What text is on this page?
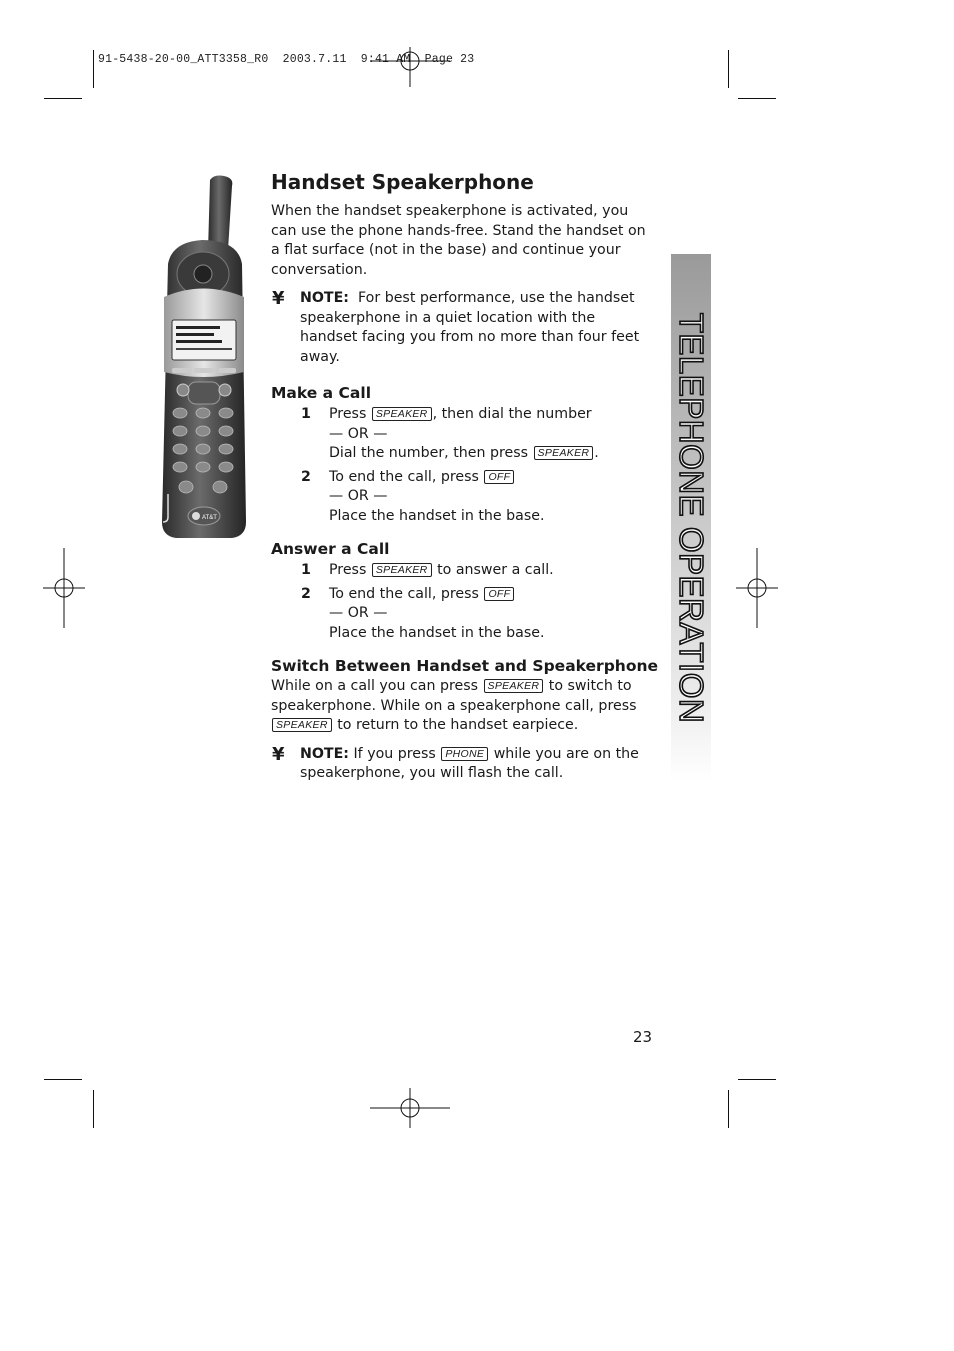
91-5438-20-00_ATT3358_R0  2003.7.11  9:41 AM  Page 23
TELEPHONE OPERATION
AT&T
Handset Speakerphone

When the handset speakerphone is activated, you can use the phone hands-free. Stand the handset on a flat surface (not in the base) and continue your conversation.

¥ NOTE: For best performance, use the handset speakerphone in a quiet location with the handset facing you from no more than four feet away.
Make a Call
1 Press SPEAKER , then dial the number
— OR —
Dial the number, then press SPEAKER .
2 To end the call, press OFF
— OR —
Place the handset in the base.
Answer a Call
1 Press SPEAKER to answer a call.
2 To end the call, press OFF
— OR —
Place the handset in the base.
Switch Between Handset and Speakerphone

While on a call you can press SPEAKER to switch to speakerphone. While on a speakerphone call, press SPEAKER to return to the handset earpiece.

¥ NOTE: If you press PHONE while you are on the speakerphone, you will flash the call.
23
